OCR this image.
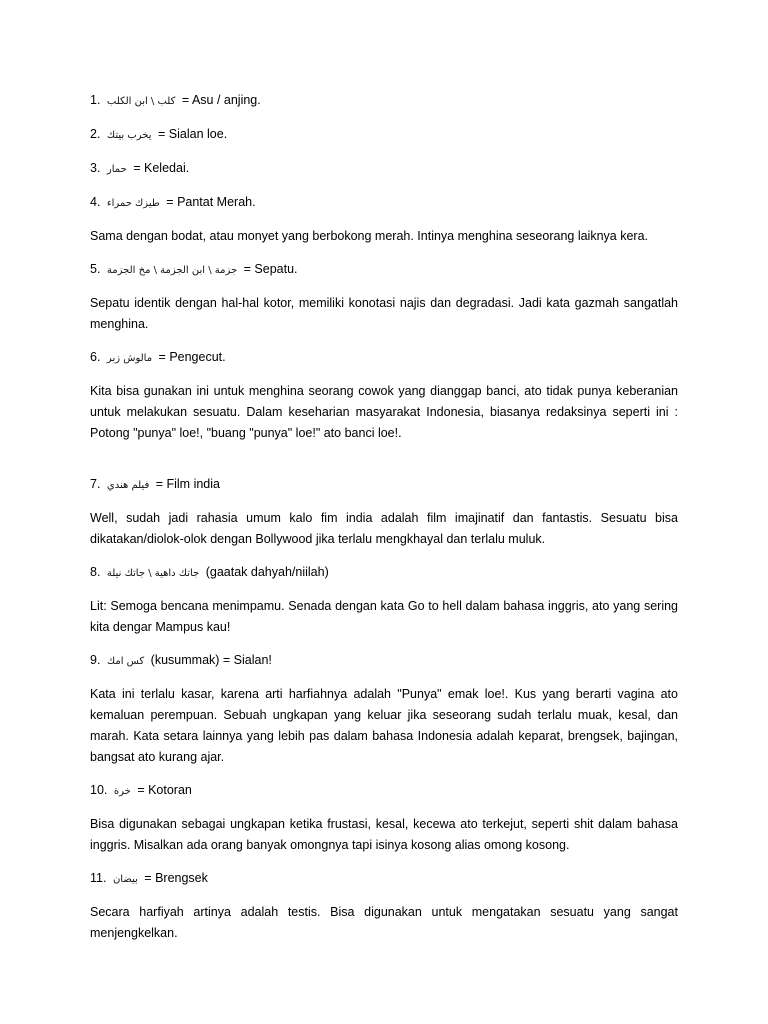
1. كلب \ ابن الكلب = Asu / anjing.
2. يخرب بيتك = Sialan loe.
3. حمار = Keledai.
4. طيزك حمراء = Pantat Merah.

Sama dengan bodat, atau monyet yang berbokong merah. Intinya menghina seseorang laiknya kera.

5. جزمة \ ابن الجزمة \ مخ الجزمة = Sepatu.

Sepatu identik dengan hal-hal kotor, memiliki konotasi najis dan degradasi. Jadi kata gazmah sangatlah menghina.

6. مالوش زبر = Pengecut.

Kita bisa gunakan ini untuk menghina seorang cowok yang dianggap banci, ato tidak punya keberanian untuk melakukan sesuatu. Dalam keseharian masyarakat Indonesia, biasanya redaksinya seperti ini : Potong "punya" loe!, "buang "punya" loe!" ato banci loe!.

7. فيلم هندي = Film india

Well, sudah jadi rahasia umum kalo fim india adalah film imajinatif dan fantastis. Sesuatu bisa dikatakan/diolok-olok dengan Bollywood jika terlalu mengkhayal dan terlalu muluk.

8. جاتك داهية \ جاتك نيلة (gaatak dahyah/niilah)

Lit: Semoga bencana menimpamu. Senada dengan kata Go to hell dalam bahasa inggris, ato yang sering kita dengar Mampus kau!

9. كس امك (kusummak) = Sialan!

Kata ini terlalu kasar, karena arti harfiahnya adalah "Punya" emak loe!. Kus yang berarti vagina ato kemaluan perempuan. Sebuah ungkapan yang keluar jika seseorang sudah terlalu muak, kesal, dan marah. Kata setara lainnya yang lebih pas dalam bahasa Indonesia adalah keparat, brengsek, bajingan, bangsat ato kurang ajar.

10. خرة = Kotoran

Bisa digunakan sebagai ungkapan ketika frustasi, kesal, kecewa ato terkejut, seperti shit dalam bahasa inggris. Misalkan ada orang banyak omongnya tapi isinya kosong alias omong kosong.

11. بيضان = Brengsek

Secara harfiyah artinya adalah testis. Bisa digunakan untuk mengatakan sesuatu yang sangat menjengkelkan.
